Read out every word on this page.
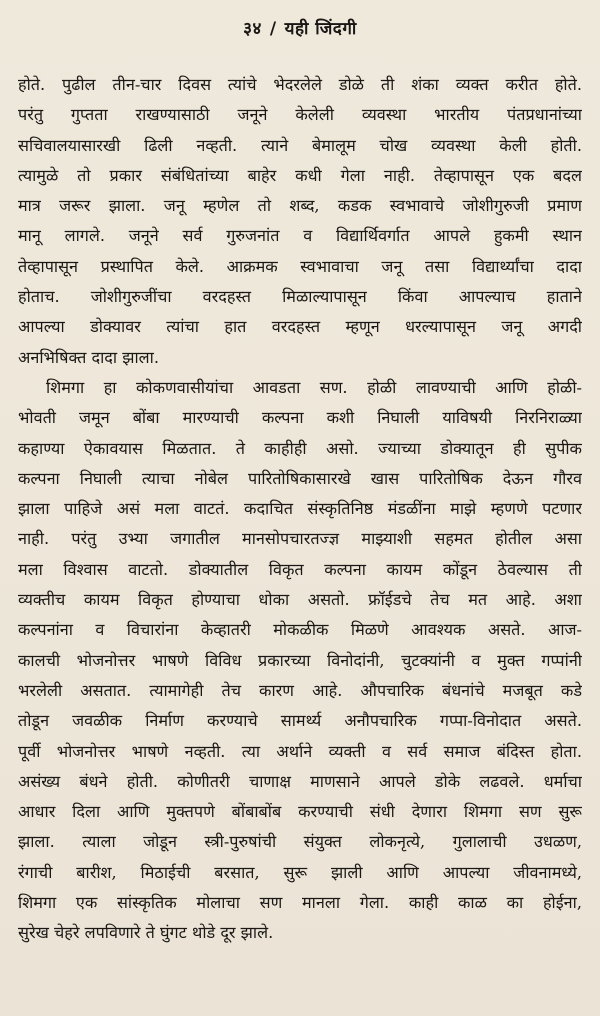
३४ / यही जिंदगी
होते. पुढील तीन-चार दिवस त्यांचे भेदरलेले डोळे ती शंका व्यक्त करीत होते.
परंतु गुप्तता राखण्यासाठी जनूने केलेली व्यवस्था भारतीय पंतप्रधानांच्या
सचिवालयासारखी ढिली नव्हती. त्याने बेमालूम चोख व्यवस्था केली होती.
त्यामुळे तो प्रकार संबंधितांच्या बाहेर कधी गेला नाही. तेव्हापासून एक बदल
मात्र जरूर झाला. जनू म्हणेल तो शब्द, कडक स्वभावाचे जोशीगुरुजी प्रमाण
मानू लागले. जनूने सर्व गुरुजनांत व विद्यार्थिवर्गात आपले हुकमी स्थान
तेव्हापासून प्रस्थापित केले. आक्रमक स्वभावाचा जनू तसा विद्यार्थ्यांचा दादा
होताच. जोशीगुरुजींचा वरदहस्त मिळाल्यापासून किंवा आपल्याच हाताने
आपल्या डोक्यावर त्यांचा हात वरदहस्त म्हणून धरल्यापासून जनू अगदी
अनभिषिक्त दादा झाला.
शिमगा हा कोकणवासीयांचा आवडता सण. होळी लावण्याची आणि होळी-
भोवती जमून बोंबा मारण्याची कल्पना कशी निघाली याविषयी निरनिराळ्या
कहाण्या ऐकावयास मिळतात. ते काहीही असो. ज्याच्या डोक्यातून ही सुपीक
कल्पना निघाली त्याचा नोबेल पारितोषिकासारखे खास पारितोषिक देऊन गौरव
झाला पाहिजे असं मला वाटतं. कदाचित संस्कृतिनिष्ठ मंडळींना माझे म्हणणे पटणार
नाही. परंतु उभ्या जगातील मानसोपचारतज्ज्ञ माझ्याशी सहमत होतील असा
मला विश्वास वाटतो. डोक्यातील विकृत कल्पना कायम कोंडून ठेवल्यास ती
व्यक्तीच कायम विकृत होण्याचा धोका असतो. फ्रॉईडचे तेच मत आहे. अशा
कल्पनांना व विचारांना केव्हातरी मोकळीक मिळणे आवश्यक असते. आज-
कालची भोजनोत्तर भाषणे विविध प्रकारच्या विनोदांनी, चुटक्यांनी व मुक्त गप्पांनी
भरलेली असतात. त्यामागेही तेच कारण आहे. औपचारिक बंधनांचे मजबूत कडे
तोडून जवळीक निर्माण करण्याचे सामर्थ्य अनौपचारिक गप्पा-विनोदात असते.
पूर्वी भोजनोत्तर भाषणे नव्हती. त्या अर्थाने व्यक्ती व सर्व समाज बंदिस्त होता.
असंख्य बंधने होती. कोणीतरी चाणाक्ष माणसाने आपले डोके लढवले. धर्माचा
आधार दिला आणि मुक्तपणे बोंबाबोंब करण्याची संधी देणारा शिमगा सण सुरू
झाला. त्याला जोडून स्त्री-पुरुषांची संयुक्त लोकनृत्ये, गुलालाची उधळण,
रंगाची बारीश, मिठाईची बरसात, सुरू झाली आणि आपल्या जीवनामध्ये,
शिमगा एक सांस्कृतिक मोलाचा सण मानला गेला. काही काळ का होईना,
सुरेख चेहरे लपविणारे ते घुंगट थोडे दूर झाले.
